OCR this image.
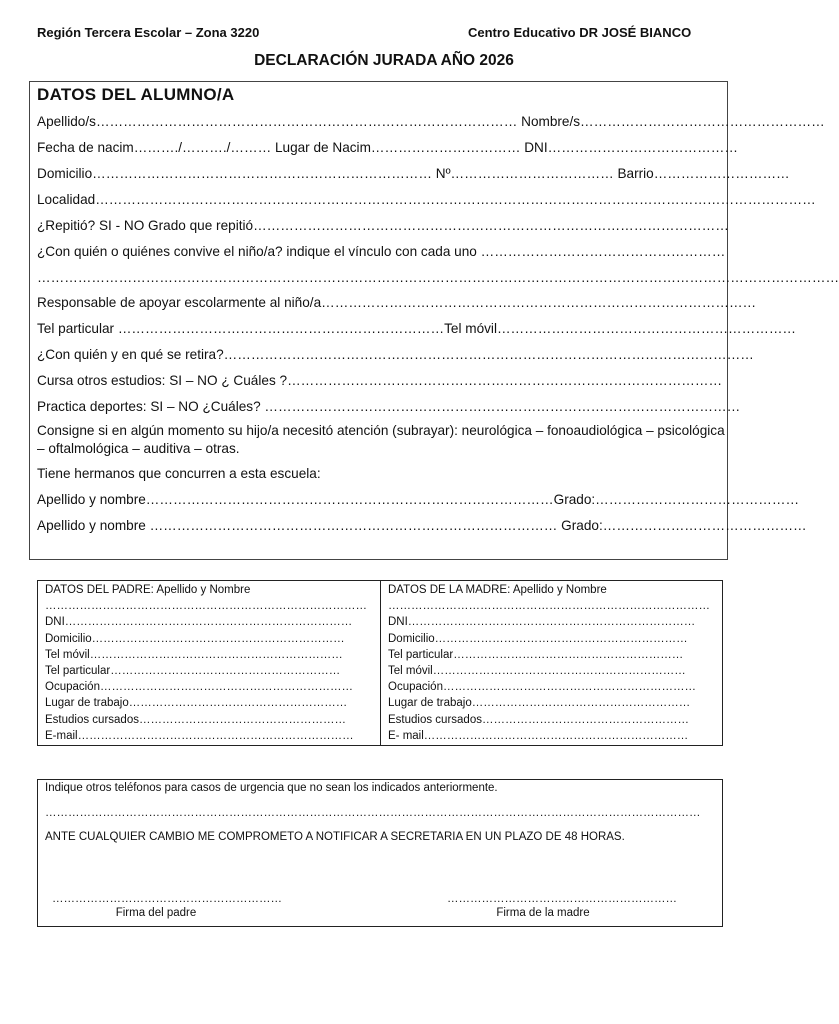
Región Tercera Escolar – Zona 3220	Centro Educativo DR JOSÉ BIANCO
DECLARACIÓN JURADA AÑO 2026
DATOS DEL ALUMNO/A
Apellido/s………………………………………………………………………………… Nombre/s………………………………………………
Fecha de nacim………./………./……… Lugar de Nacim…………………………… DNI……………………………………
Domicilio………………………………………………………………… Nº……………………………… Barrio…………………………
Localidad……………………………………………………………………………………………………………………………………………
¿Repitió? SI - NO Grado que repitió……………………………………………………………………………………………
¿Con quién o quiénes convive el niño/a? indique el vínculo con cada uno ………………………………………………
……………………………………………………………………………………………………………………………………………………………
Responsable de apoyar escolarmente al niño/a……………………………………………………………………………………
Tel particular ………………………………………………………………Tel móvil…………………………………………………………
¿Con quién y en qué se retira?………………………………………………………………………………………………………
Cursa otros estudios: SI – NO ¿ Cuáles ?……………………………………………………………………………………
Practica deportes: SI – NO ¿Cuáles? ……………………………………………………………………………………………
Consigne si en algún momento su hijo/a necesitó atención (subrayar): neurológica – fonoaudiológica – psicológica – oftalmológica – auditiva – otras.
Tiene hermanos que concurren a esta escuela:
Apellido y nombre………………………………………………………………………………Grado:………………………………………
Apellido y nombre ……………………………………………………………………………… Grado:………………………………………
DATOS DEL PADRE: Apellido y Nombre
…………………………………………………………………………
DNI…………………………………………………………………
Domicilio…………………………………………………………
Tel móvil…………………………………………………………
Tel particular……………………………………………………
Ocupación…………………………………………………………
Lugar de trabajo…………………………………………………
Estudios cursados………………………………………………
E-mail………………………………………………………………
DATOS DE LA MADRE: Apellido y Nombre
…………………………………………………………………………
DNI…………………………………………………………………
Domicilio…………………………………………………………
Tel particular……………………………………………………
Tel móvil…………………………………………………………
Ocupación…………………………………………………………
Lugar de trabajo…………………………………………………
Estudios cursados………………………………………………
E- mail……………………………………………………………
Indique otros teléfonos para casos de urgencia que no sean los indicados anteriormente.
………………………………………………………………………………………………………………………………………………………
ANTE CUALQUIER CAMBIO ME COMPROMETO A NOTIFICAR A SECRETARIA EN UN PLAZO DE 48 HORAS.
……………………………………………………
Firma del padre
……………………………………………………
Firma de la madre
